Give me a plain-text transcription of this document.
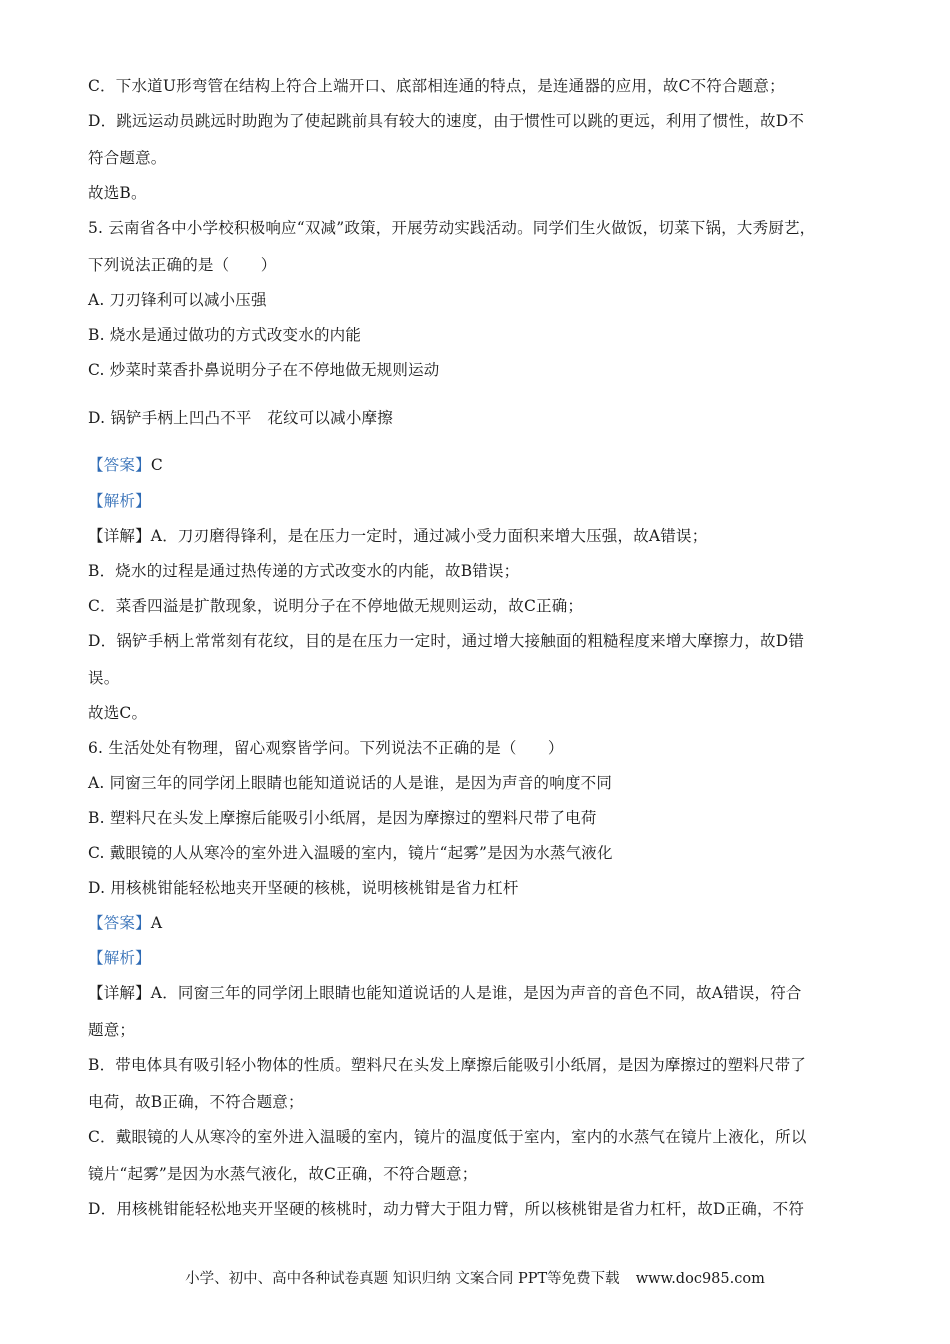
C．下水道U形弯管在结构上符合上端开口、底部相连通的特点，是连通器的应用，故C不符合题意；
D．跳远运动员跳远时助跑为了使起跳前具有较大的速度，由于惯性可以跳的更远，利用了惯性，故D不
符合题意。
故选B。
5. 云南省各中小学校积极响应“双减”政策，开展劳动实践活动。同学们生火做饭，切菜下锅，大秀厨艺，
下列说法正确的是（　　）
A. 刀刃锋利可以减小压强
B. 烧水是通过做功的方式改变水的内能
C. 炒菜时菜香扑鼻说明分子在不停地做无规则运动
D. 锅铲手柄上凹凸不平　花纹可以减小摩擦
【答案】C
【解析】
【详解】A．刀刃磨得锋利，是在压力一定时，通过减小受力面积来增大压强，故A错误；
B．烧水的过程是通过热传递的方式改变水的内能，故B错误；
C．菜香四溢是扩散现象，说明分子在不停地做无规则运动，故C正确；
D．锅铲手柄上常常刻有花纹，目的是在压力一定时，通过增大接触面的粗糙程度来增大摩擦力，故D错
误。
故选C。
6. 生活处处有物理，留心观察皆学问。下列说法不正确的是（　　）
A. 同窗三年的同学闭上眼睛也能知道说话的人是谁，是因为声音的响度不同
B. 塑料尺在头发上摩擦后能吸引小纸屑，是因为摩擦过的塑料尺带了电荷
C. 戴眼镜的人从寒冷的室外进入温暖的室内，镜片“起雾”是因为水蒸气液化
D. 用核桃钳能轻松地夹开坚硬的核桃，说明核桃钳是省力杠杆
【答案】A
【解析】
【详解】A．同窗三年的同学闭上眼睛也能知道说话的人是谁，是因为声音的音色不同，故A错误，符合
题意；
B．带电体具有吸引轻小物体的性质。塑料尺在头发上摩擦后能吸引小纸屑，是因为摩擦过的塑料尺带了
电荷，故B正确，不符合题意；
C．戴眼镜的人从寒冷的室外进入温暖的室内，镜片的温度低于室内，室内的水蒸气在镜片上液化，所以
镜片“起雾”是因为水蒸气液化，故C正确，不符合题意；
D．用核桃钳能轻松地夹开坚硬的核桃时，动力臂大于阻力臂，所以核桃钳是省力杠杆，故D正确，不符
小学、初中、高中各种试卷真题 知识归纳 文案合同 PPT等免费下载 www.doc985.com
